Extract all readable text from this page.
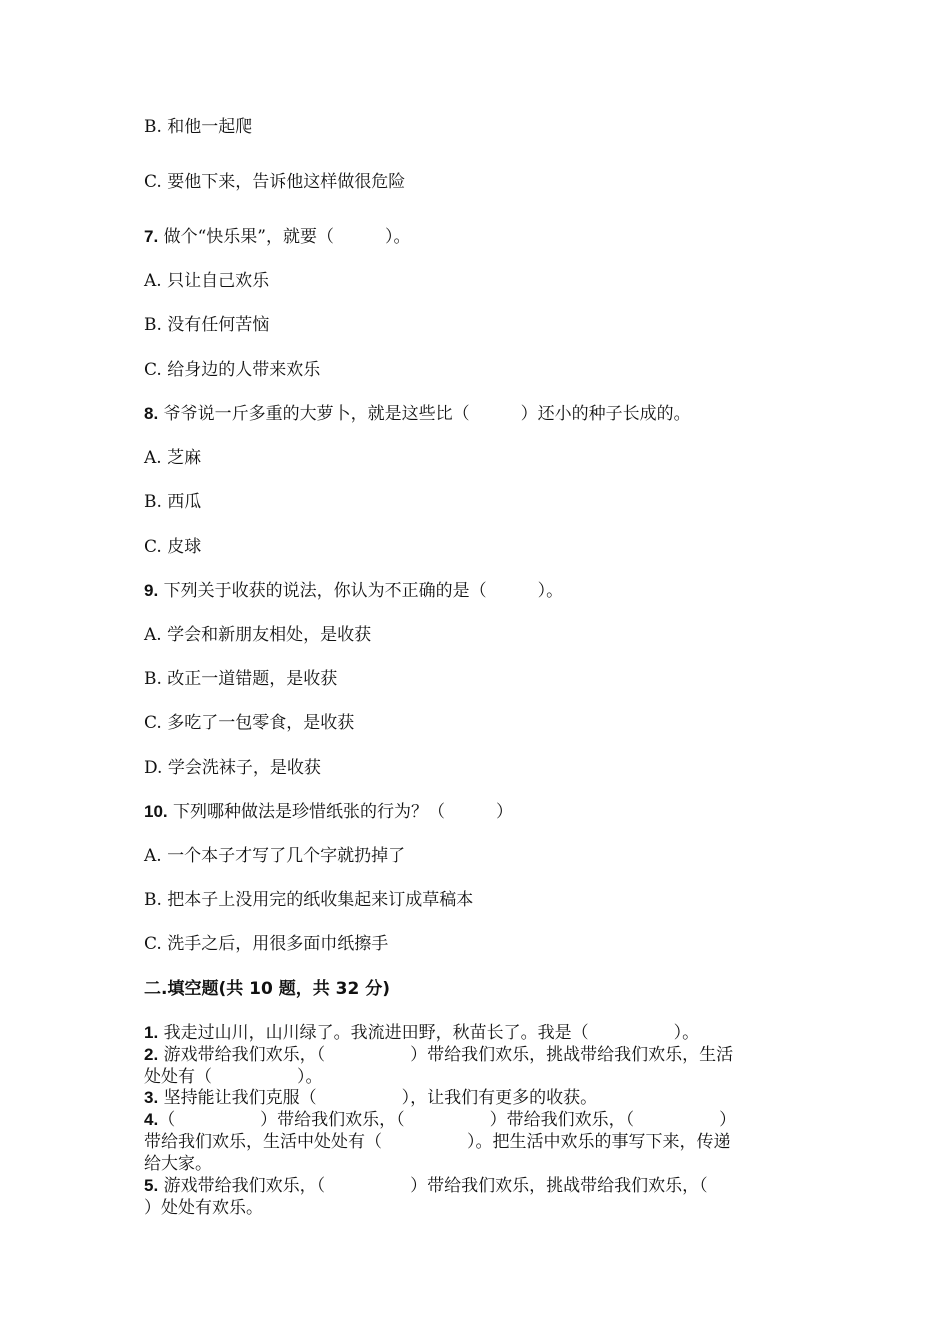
B. 和他一起爬

C. 要他下来，告诉他这样做很危险

7. 做个“快乐果”，就要（　　　）。

A. 只让自己欢乐

B. 没有任何苦恼

C. 给身边的人带来欢乐

8. 爷爷说一斤多重的大萝卜，就是这些比（　　　）还小的种子长成的。

A. 芝麻

B. 西瓜

C. 皮球

9. 下列关于收获的说法，你认为不正确的是（　　　）。

A. 学会和新朋友相处，是收获

B. 改正一道错题，是收获

C. 多吃了一包零食，是收获

D. 学会洗袜子，是收获

10. 下列哪种做法是珍惜纸张的行为？（　　　）

A. 一个本子才写了几个字就扔掉了

B. 把本子上没用完的纸收集起来订成草稿本

C. 洗手之后，用很多面巾纸擦手

二.填空题(共 10 题，共 32 分)

1. 我走过山川，山川绿了。我流进田野，秋苗长了。我是（　　　　　）。

2. 游戏带给我们欢乐，（　　　　　）带给我们欢乐，挑战带给我们欢乐，生活

处处有（　　　　　）。

3. 坚持能让我们克服（　　　　　），让我们有更多的收获。

4.（　　　　　）带给我们欢乐，（　　　　　）带给我们欢乐，（　　　　　）

带给我们欢乐，生活中处处有（　　　　　）。把生活中欢乐的事写下来，传递

给大家。

5. 游戏带给我们欢乐，（　　　　　）带给我们欢乐，挑战带给我们欢乐，（

）处处有欢乐。
